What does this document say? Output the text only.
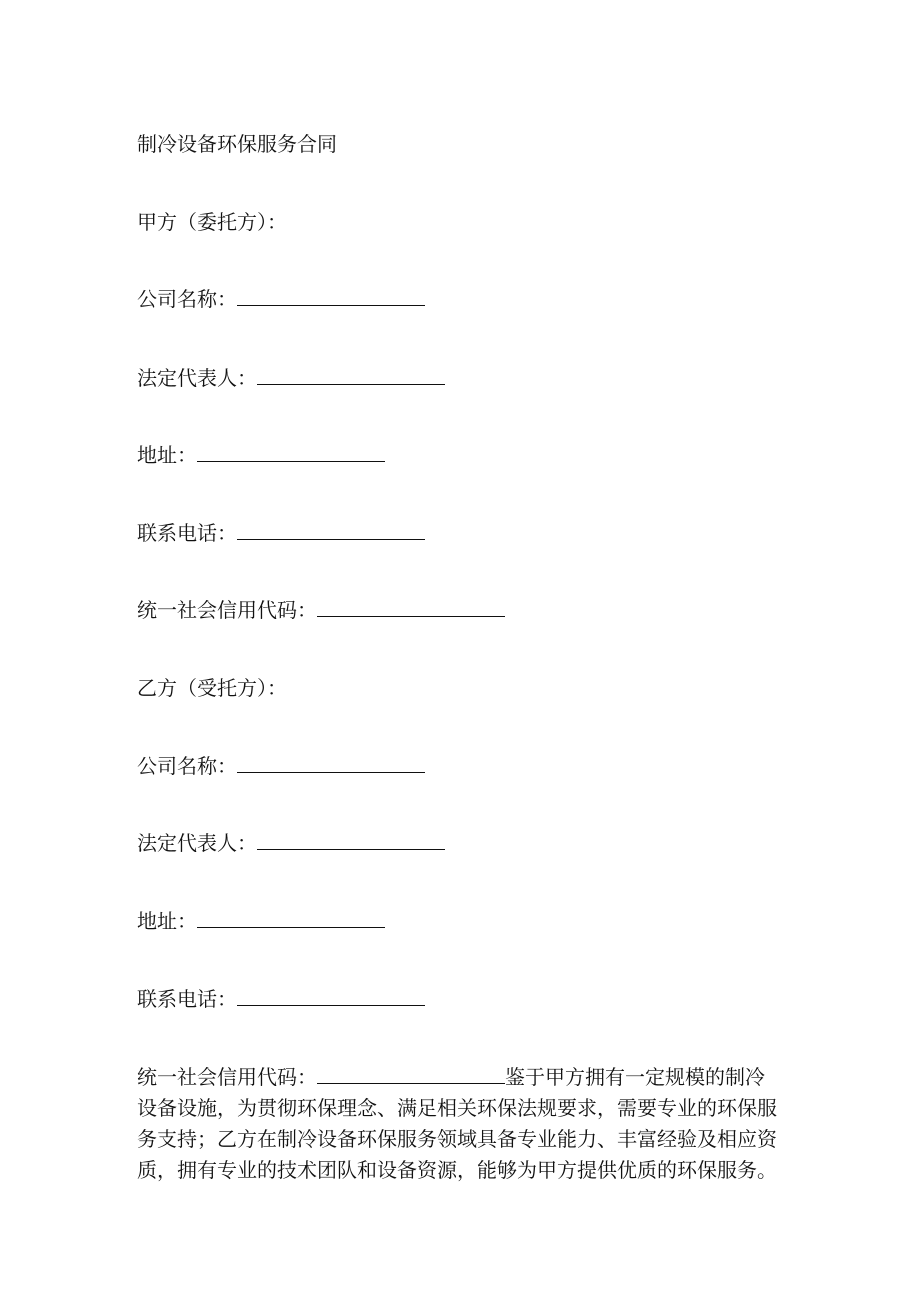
制冷设备环保服务合同

甲方（委托方）：

公司名称：

法定代表人：

地址：

联系电话：

统一社会信用代码：

乙方（受托方）：

公司名称：

法定代表人：

地址：

联系电话：

统一社会信用代码：	鉴于甲方拥有一定规模的制冷
设备设施，为贯彻环保理念、满足相关环保法规要求，需要专业的环保服
务支持；乙方在制冷设备环保服务领域具备专业能力、丰富经验及相应资
质，拥有专业的技术团队和设备资源，能够为甲方提供优质的环保服务。
